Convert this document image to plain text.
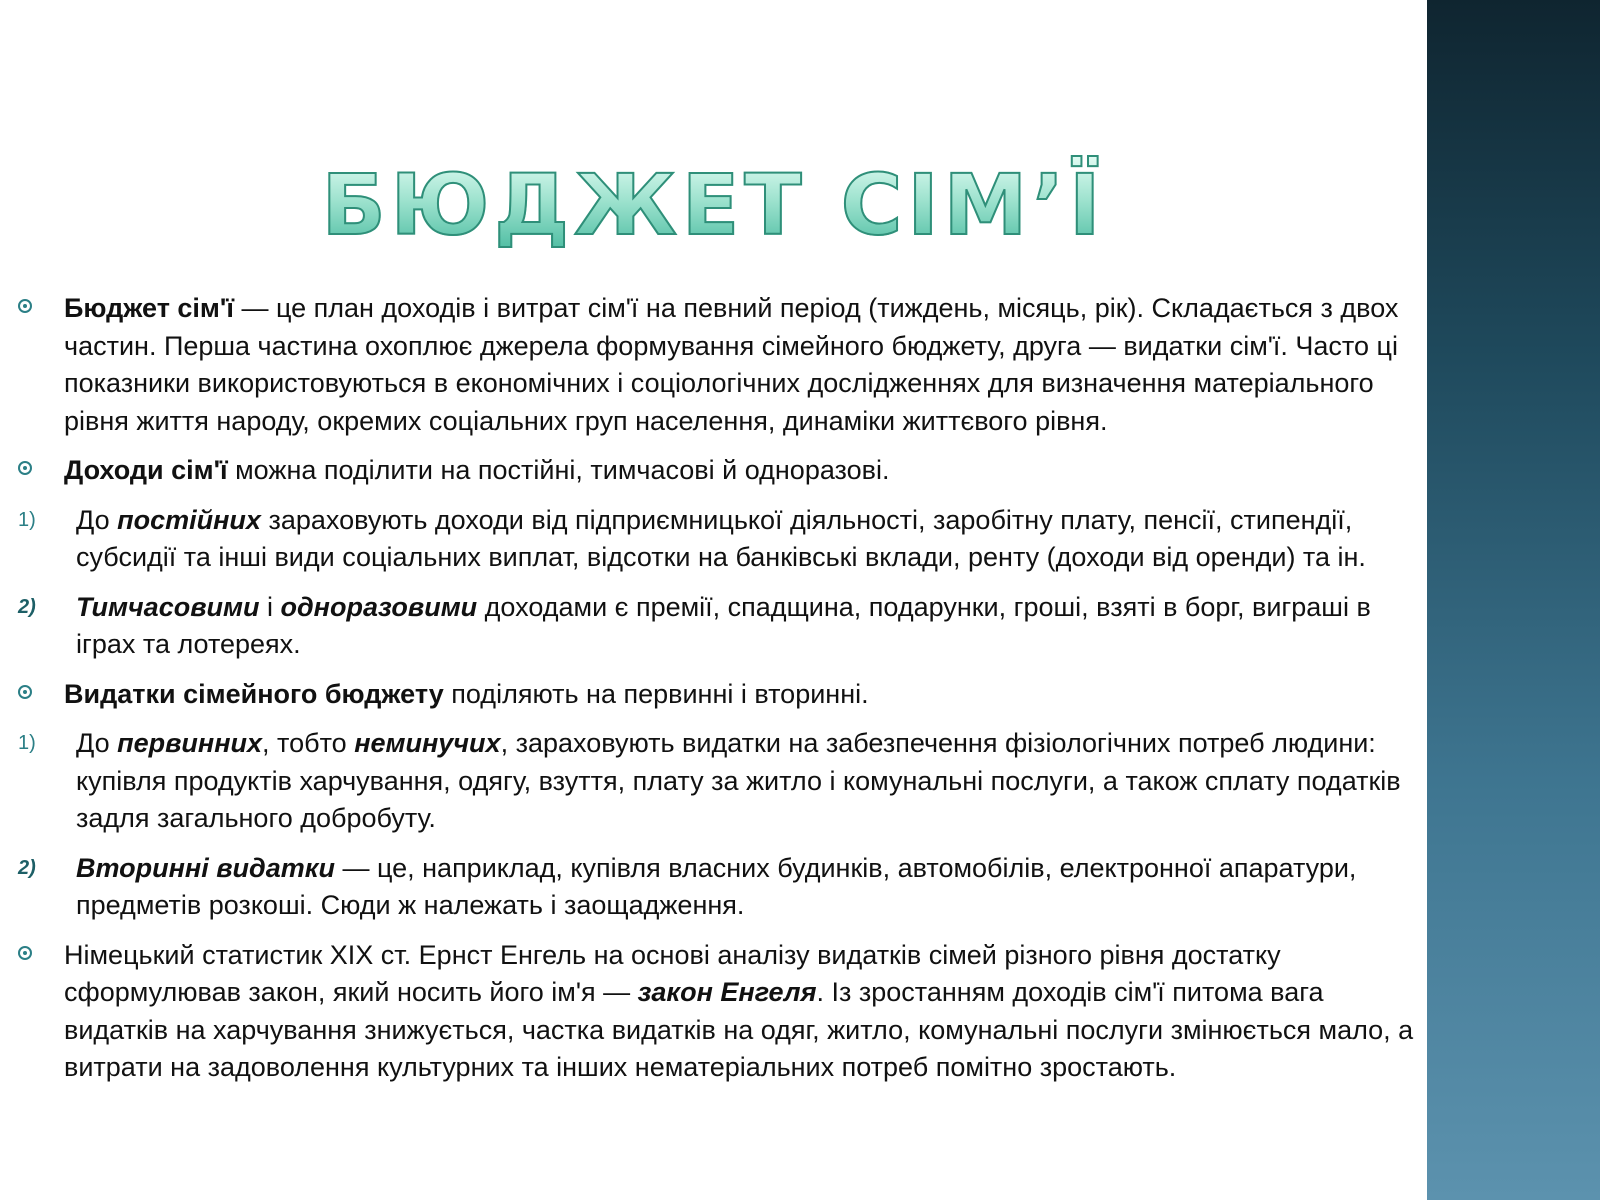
БЮДЖЕТ СІМ’Ї
Бюджет сім'ї — це план доходів і витрат сім'ї на певний період (тиждень, місяць, рік). Складається з двох частин. Перша частина охоплює джерела формування сімейного бюджету, друга — видатки сім'ї. Часто ці показники використовуються в економічних і соціологічних дослідженнях для визначення матеріального рівня життя народу, окремих соціальних груп населення, динаміки життєвого рівня.
Доходи сім'ї можна поділити на постійні, тимчасові й одноразові.
1) До постійних зараховують доходи від підприємницької діяльності, заробітну плату, пенсії, стипендії, субсидії та інші види соціальних виплат, відсотки на банківські вклади, ренту (доходи від оренди) та ін.
2) Тимчасовими і одноразовими доходами є премії, спадщина, подарунки, гроші, взяті в борг, виграші в іграх та лотереях.
Видатки сімейного бюджету поділяють на первинні і вторинні.
1) До первинних, тобто неминучих, зараховують видатки на забезпечення фізіологічних потреб людини: купівля продуктів харчування, одягу, взуття, плату за житло і комунальні послуги, а також сплату податків задля загального добробуту.
2) Вторинні видатки — це, наприклад, купівля власних будинків, автомобілів, електронної апаратури, предметів розкоші. Сюди ж належать і заощадження.
Німецький статистик XIX ст. Ернст Енгель на основі аналізу видатків сімей різного рівня достатку сформулював закон, який носить його ім'я — закон Енгеля. Із зростанням доходів сім'ї питома вага видатків на харчування знижується, частка видатків на одяг, житло, комунальні послуги змінюється мало, а витрати на задоволення культурних та інших нематеріальних потреб помітно зростають.
